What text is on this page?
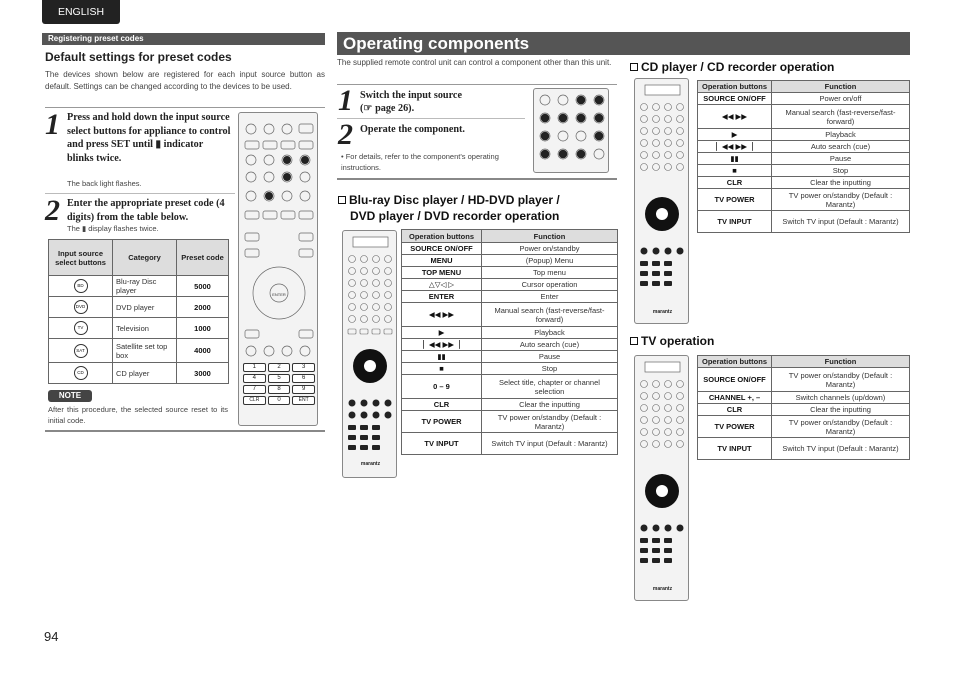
ENGLISH
Registering preset codes	Operating components
Default settings for preset codes
The devices shown below are registered for each input source button as default. Settings can be changed according to the devices to be used.
1 Press and hold down the input source select buttons for appliance to control and press SET until ▮ indicator blinks twice.
The back light flashes.
2 Enter the appropriate preset code (4 digits) from the table below.
The ▮ display flashes twice.
Input source select buttons	Category	Preset code
BD	Blu-ray Disc player	5000
DVD	DVD player	2000
TV	Television	1000
SAT	Satellite set top box	4000
CD	CD player	3000
NOTE
After this procedure, the selected source reset to its initial code.
ENTER
1	2	3
4	5	6
7	8	9
CLR	0	ENT
The supplied remote control unit can control a component other than this unit.
1 Switch the input source
(☞ page 26).
2 Operate the component.
• For details, refer to the component's operating instructions.
Blu-ray Disc player / HD-DVD player /
DVD player / DVD recorder operation
marantz
Operation buttons	Function
SOURCE ON/OFF	Power on/standby
MENU	(Popup) Menu
TOP MENU	Top menu
△▽◁ ▷	Cursor operation
ENTER	Enter
◀◀ ▶▶	Manual search (fast-reverse/fast-forward)
▶	Playback
▏◀◀ ▶▶▕	Auto search (cue)
▮▮	Pause
■	Stop
0 – 9	Select title, chapter or channel selection
CLR	Clear the inputting
TV POWER	TV power on/standby (Default : Marantz)
TV INPUT	Switch TV input (Default : Marantz)
CD player / CD recorder operation
marantz
Operation buttons	Function
SOURCE ON/OFF	Power on/off
◀◀ ▶▶	Manual search (fast-reverse/fast-forward)
▶	Playback
▏◀◀ ▶▶▕	Auto search (cue)
▮▮	Pause
■	Stop
CLR	Clear the inputting
TV POWER	TV power on/standby (Default : Marantz)
TV INPUT	Switch TV input (Default : Marantz)
TV operation
marantz
Operation buttons	Function
SOURCE ON/OFF	TV power on/standby (Default : Marantz)
CHANNEL +, –	Switch channels (up/down)
CLR	Clear the inputting
TV POWER	TV power on/standby (Default : Marantz)
TV INPUT	Switch TV input (Default : Marantz)
94
